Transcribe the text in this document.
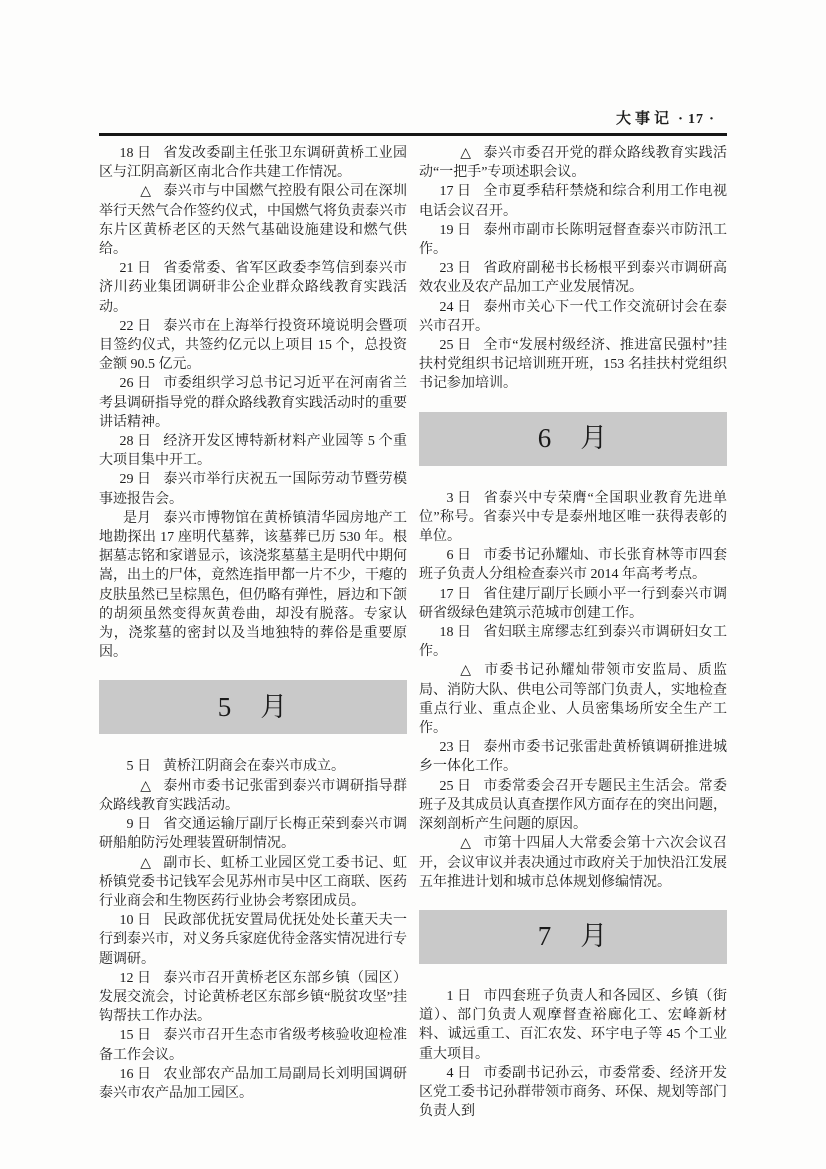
大事记 · 17 ·

18 日 省发改委副主任张卫东调研黄桥工业园区与江阴高新区南北合作共建工作情况。

△ 泰兴市与中国燃气控股有限公司在深圳举行天然气合作签约仪式，中国燃气将负责泰兴市东片区黄桥老区的天然气基础设施建设和燃气供给。

21 日 省委常委、省军区政委李笃信到泰兴市济川药业集团调研非公企业群众路线教育实践活动。

22 日 泰兴市在上海举行投资环境说明会暨项目签约仪式，共签约亿元以上项目 15 个，总投资金额 90.5 亿元。

26 日 市委组织学习总书记习近平在河南省兰考县调研指导党的群众路线教育实践活动时的重要讲话精神。

28 日 经济开发区博特新材料产业园等 5 个重大项目集中开工。

29 日 泰兴市举行庆祝五一国际劳动节暨劳模事迹报告会。

是月 泰兴市博物馆在黄桥镇清华园房地产工地勘探出 17 座明代墓葬，该墓葬已历 530 年。根据墓志铭和家谱显示，该浇浆墓墓主是明代中期何嵩，出土的尸体，竟然连指甲都一片不少，干瘪的皮肤虽然已呈棕黑色，但仍略有弹性，唇边和下颌的胡须虽然变得灰黄卷曲，却没有脱落。专家认为，浇浆墓的密封以及当地独特的葬俗是重要原因。

5　月

5 日 黄桥江阴商会在泰兴市成立。

△ 泰州市委书记张雷到泰兴市调研指导群众路线教育实践活动。

9 日 省交通运输厅副厅长梅正荣到泰兴市调研船舶防污处理装置研制情况。

△ 副市长、虹桥工业园区党工委书记、虹桥镇党委书记钱军会见苏州市吴中区工商联、医药行业商会和生物医药行业协会考察团成员。

10 日 民政部优抚安置局优抚处处长董天夫一行到泰兴市，对义务兵家庭优待金落实情况进行专题调研。

12 日 泰兴市召开黄桥老区东部乡镇（园区）发展交流会，讨论黄桥老区东部乡镇“脱贫攻坚”挂钩帮扶工作办法。

15 日 泰兴市召开生态市省级考核验收迎检准备工作会议。

16 日 农业部农产品加工局副局长刘明国调研泰兴市农产品加工园区。

△ 泰兴市委召开党的群众路线教育实践活动“一把手”专项述职会议。

17 日 全市夏季秸秆禁烧和综合利用工作电视电话会议召开。

19 日 泰州市副市长陈明冠督查泰兴市防汛工作。

23 日 省政府副秘书长杨根平到泰兴市调研高效农业及农产品加工产业发展情况。

24 日 泰州市关心下一代工作交流研讨会在泰兴市召开。

25 日 全市“发展村级经济、推进富民强村”挂扶村党组织书记培训班开班，153 名挂扶村党组织书记参加培训。

6　月

3 日 省泰兴中专荣膺“全国职业教育先进单位”称号。省泰兴中专是泰州地区唯一获得表彰的单位。

6 日 市委书记孙耀灿、市长张育林等市四套班子负责人分组检查泰兴市 2014 年高考考点。

17 日 省住建厅副厅长顾小平一行到泰兴市调研省级绿色建筑示范城市创建工作。

18 日 省妇联主席缪志红到泰兴市调研妇女工作。

△ 市委书记孙耀灿带领市安监局、质监局、消防大队、供电公司等部门负责人，实地检查重点行业、重点企业、人员密集场所安全生产工作。

23 日 泰州市委书记张雷赴黄桥镇调研推进城乡一体化工作。

25 日 市委常委会召开专题民主生活会。常委班子及其成员认真查摆作风方面存在的突出问题，深刻剖析产生问题的原因。

△ 市第十四届人大常委会第十六次会议召开，会议审议并表决通过市政府关于加快沿江发展五年推进计划和城市总体规划修编情况。

7　月

1 日 市四套班子负责人和各园区、乡镇（街道）、部门负责人观摩督查裕廊化工、宏峰新材料、诚远重工、百汇农发、环宇电子等 45 个工业重大项目。

4 日 市委副书记孙云，市委常委、经济开发区党工委书记孙群带领市商务、环保、规划等部门负责人到
